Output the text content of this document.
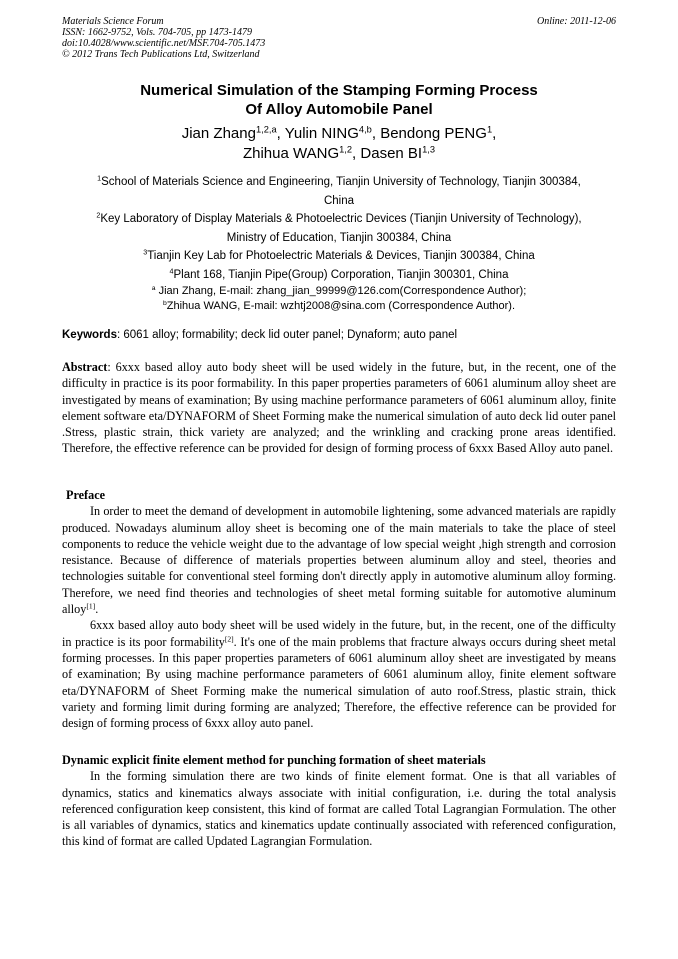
Materials Science Forum
ISSN: 1662-9752, Vols. 704-705, pp 1473-1479
doi:10.4028/www.scientific.net/MSF.704-705.1473
© 2012 Trans Tech Publications Ltd, Switzerland
Online: 2011-12-06
Numerical Simulation of the Stamping Forming Process
Of Alloy Automobile Panel
Jian Zhang$^{1,2,a}$, Yulin NING$^{4,b}$, Bendong PENG$^1$,
Zhihua WANG$^{1,2}$, Dasen BI$^{1,3}$
$^1$School of Materials Science and Engineering, Tianjin University of Technology, Tianjin 300384,
China
$^2$Key Laboratory of Display Materials & Photoelectric Devices (Tianjin University of Technology),
Ministry of Education, Tianjin 300384, China
$^3$Tianjin Key Lab for Photoelectric Materials & Devices, Tianjin 300384, China
$^4$Plant 168, Tianjin Pipe(Group) Corporation, Tianjin 300301, China
$^a$ Jian Zhang, E-mail: zhang_jian_99999@126.com(Correspondence Author);
$^b$Zhihua WANG, E-mail: wzhtj2008@sina.com (Correspondence Author).
Keywords: 6061 alloy; formability; deck lid outer panel; Dynaform; auto panel

Abstract: 6xxx based alloy auto body sheet will be used widely in the future, but, in the recent, one of the difficulty in practice is its poor formability. In this paper properties parameters of 6061 aluminum alloy sheet are investigated by means of examination; By using machine performance parameters of 6061 aluminum alloy, finite element software eta/DYNAFORM of Sheet Forming make the numerical simulation of auto deck lid outer panel .Stress, plastic strain, thick variety are analyzed; and the wrinkling and cracking prone areas identified. Therefore, the effective reference can be provided for design of forming process of 6xxx Based Alloy auto panel.

Preface

In order to meet the demand of development in automobile lightening, some advanced materials are rapidly produced. Nowadays aluminum alloy sheet is becoming one of the main materials to take the place of steel components to reduce the vehicle weight due to the advantage of low special weight ,high strength and corrosion resistance. Because of difference of materials properties between aluminum alloy and steel, theories and technologies suitable for conventional steel forming don't directly apply in automotive aluminum alloy forming. Therefore, we need find theories and technologies of sheet metal forming suitable for automotive aluminum alloy[1].

6xxx based alloy auto body sheet will be used widely in the future, but, in the recent, one of the difficulty in practice is its poor formability[2]. It's one of the main problems that fracture always occurs during sheet metal forming processes. In this paper properties parameters of 6061 aluminum alloy sheet are investigated by means of examination; By using machine performance parameters of 6061 aluminum alloy, finite element software eta/DYNAFORM of Sheet Forming make the numerical simulation of auto roof.Stress, plastic strain, thick variety and forming limit during forming are analyzed; Therefore, the effective reference can be provided for design of forming process of 6xxx alloy auto panel.

Dynamic explicit finite element method for punching formation of sheet materials

In the forming simulation there are two kinds of finite element format. One is that all variables of dynamics, statics and kinematics always associate with initial configuration, i.e. during the total analysis referenced configuration keep consistent, this kind of format are called Total Lagrangian Formulation. The other is all variables of dynamics, statics and kinematics update continually associated with referenced configuration, this kind of format are called Updated Lagrangian Formulation.
